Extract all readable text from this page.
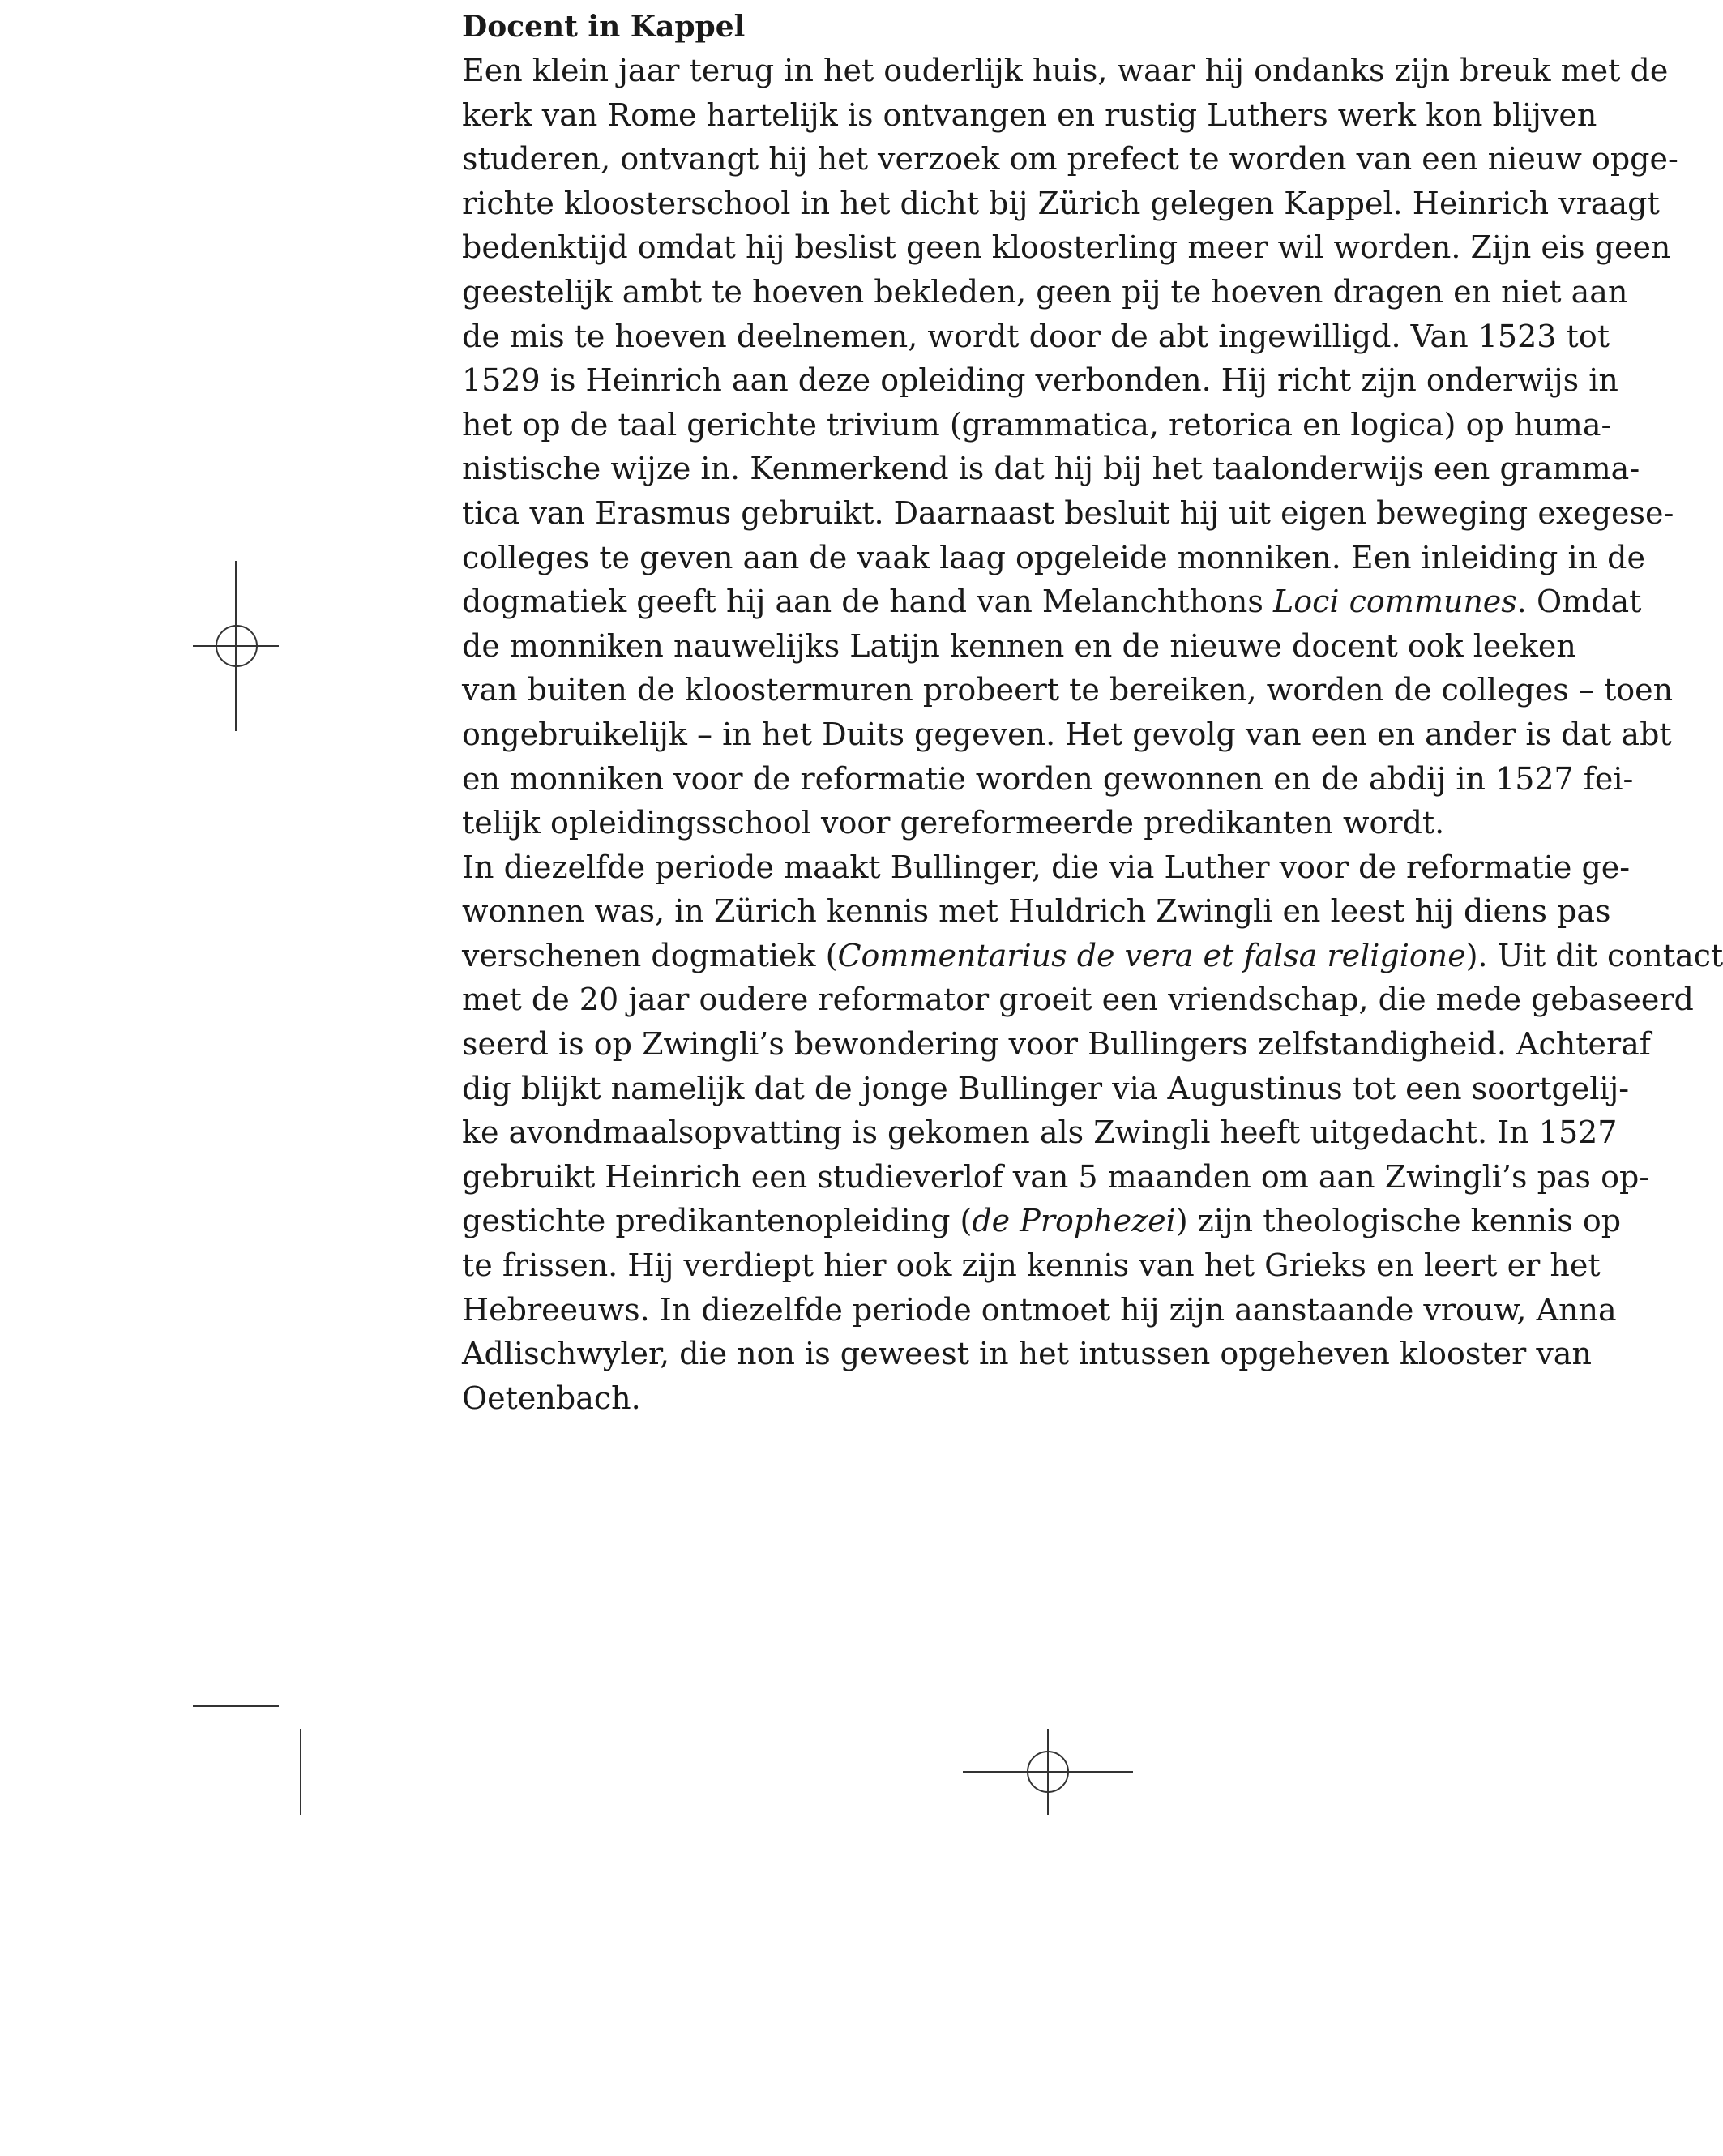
Docent in Kappel
Een klein jaar terug in het ouderlijk huis, waar hij ondanks zijn breuk met de
kerk van Rome hartelijk is ontvangen en rustig Luthers werk kon blijven
studeren, ontvangt hij het verzoek om prefect te worden van een nieuw opge-
richte kloosterschool in het dicht bij Zürich gelegen Kappel. Heinrich vraagt
bedenktijd omdat hij beslist geen kloosterling meer wil worden. Zijn eis geen
geestelijk ambt te hoeven bekleden, geen pij te hoeven dragen en niet aan
de mis te hoeven deelnemen, wordt door de abt ingewilligd. Van 1523 tot
1529 is Heinrich aan deze opleiding verbonden. Hij richt zijn onderwijs in
het op de taal gerichte trivium (grammatica, retorica en logica) op huma-
nistische wijze in. Kenmerkend is dat hij bij het taalonderwijs een gramma-
tica van Erasmus gebruikt. Daarnaast besluit hij uit eigen beweging exegese-
colleges te geven aan de vaak laag opgeleide monniken. Een inleiding in de
dogmatiek geeft hij aan de hand van Melanchthons Loci communes. Omdat
de monniken nauwelijks Latijn kennen en de nieuwe docent ook leeken
van buiten de kloostermuren probeert te bereiken, worden de colleges – toen
ongebruikelijk – in het Duits gegeven. Het gevolg van een en ander is dat abt
en monniken voor de reformatie worden gewonnen en de abdij in 1527 fei-
telijk opleidingsschool voor gereformeerde predikanten wordt.
In diezelfde periode maakt Bullinger, die via Luther voor de reformatie ge-
wonnen was, in Zürich kennis met Huldrich Zwingli en leest hij diens pas
verschenen dogmatiek (Commentarius de vera et falsa religione). Uit dit contact
met de 20 jaar oudere reformator groeit een vriendschap, die mede gebaseerd
seerd is op Zwingli’s bewondering voor Bullingers zelfstandigheid. Achteraf
dig blijkt namelijk dat de jonge Bullinger via Augustinus tot een soortgelij-
ke avondmaalsopvatting is gekomen als Zwingli heeft uitgedacht. In 1527
gebruikt Heinrich een studieverlof van 5 maanden om aan Zwingli’s pas op-
gestichte predikantenopleiding (de Prophezei) zijn theologische kennis op
te frissen. Hij verdiept hier ook zijn kennis van het Grieks en leert er het
Hebreeuws. In diezelfde periode ontmoet hij zijn aanstaande vrouw, Anna
Adlischwyler, die non is geweest in het intussen opgeheven klooster van
Oetenbach.
